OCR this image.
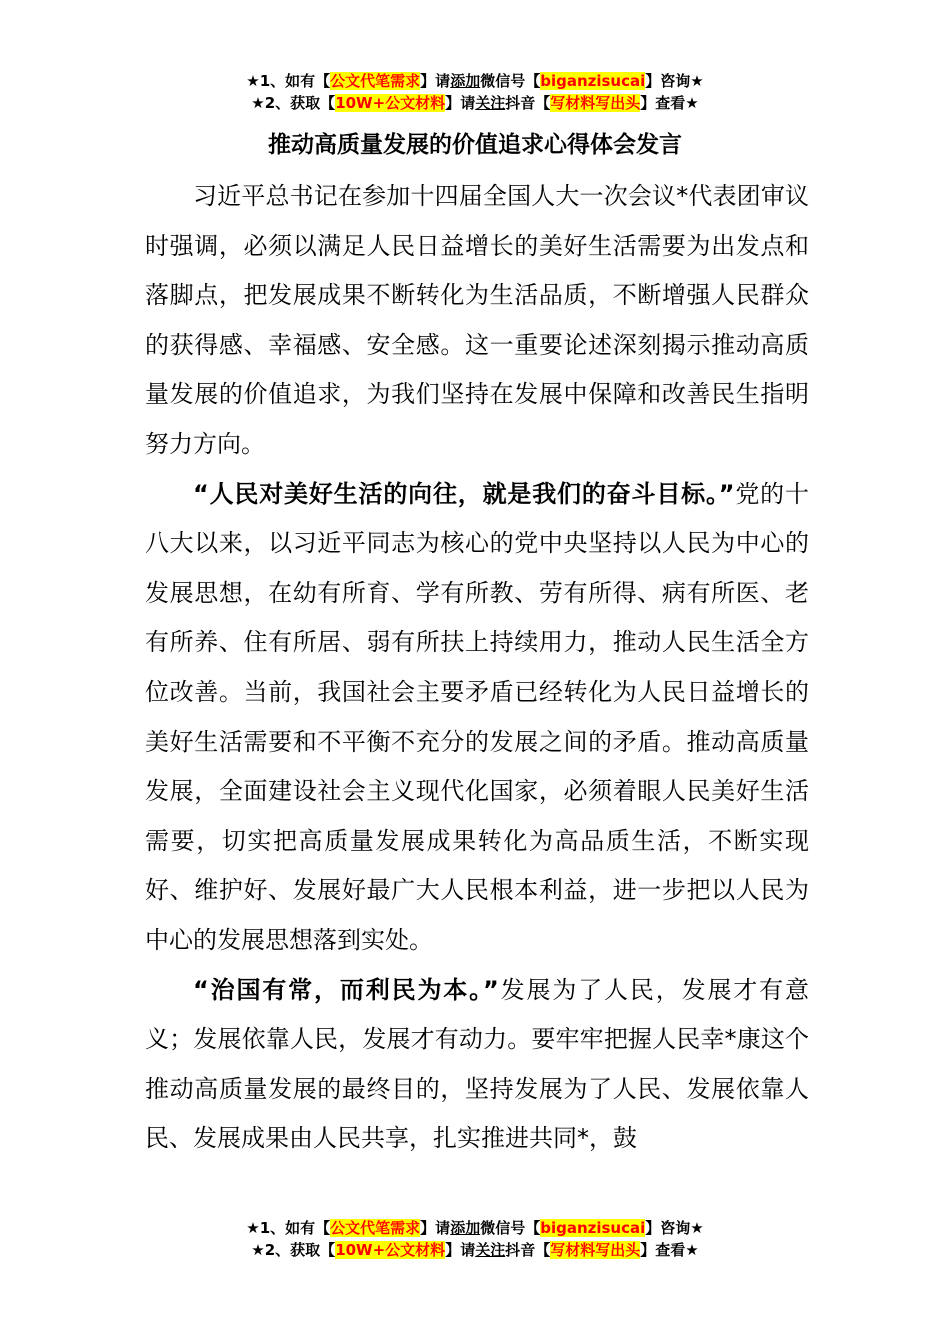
★1、如有【公文代笔需求】请添加微信号【biganzisucai】咨询★
★2、获取【10W+公文材料】请关注抖音【写材料写出头】查看★
推动高质量发展的价值追求心得体会发言

习近平总书记在参加十四届全国人大一次会议*代表团审议时强调，必须以满足人民日益增长的美好生活需要为出发点和落脚点，把发展成果不断转化为生活品质，不断增强人民群众的获得感、幸福感、安全感。这一重要论述深刻揭示推动高质量发展的价值追求，为我们坚持在发展中保障和改善民生指明努力方向。

“人民对美好生活的向往，就是我们的奋斗目标。”党的十八大以来，以习近平同志为核心的党中央坚持以人民为中心的发展思想，在幼有所育、学有所教、劳有所得、病有所医、老有所养、住有所居、弱有所扶上持续用力，推动人民生活全方位改善。当前，我国社会主要矛盾已经转化为人民日益增长的美好生活需要和不平衡不充分的发展之间的矛盾。推动高质量发展，全面建设社会主义现代化国家，必须着眼人民美好生活需要，切实把高质量发展成果转化为高品质生活，不断实现好、维护好、发展好最广大人民根本利益，进一步把以人民为中心的发展思想落到实处。

“治国有常，而利民为本。”发展为了人民，发展才有意义；发展依靠人民，发展才有动力。要牢牢把握人民幸*康这个推动高质量发展的最终目的，坚持发展为了人民、发展依靠人民、发展成果由人民共享，扎实推进共同*，鼓

★1、如有【公文代笔需求】请添加微信号【biganzisucai】咨询★
★2、获取【10W+公文材料】请关注抖音【写材料写出头】查看★
